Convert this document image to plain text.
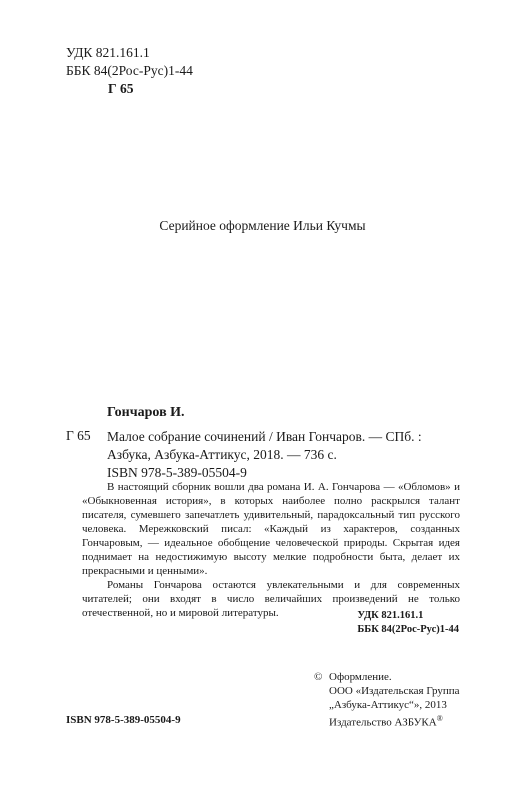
УДК 821.161.1
ББК 84(2Рос-Рус)1-44
Г 65
Серийное оформление Ильи Кучмы
Гончаров И.
Г 65 Малое собрание сочинений / Иван Гончаров. — СПб. :
Азбука, Азбука-Аттикус, 2018. — 736 с.
ISBN 978-5-389-05504-9

В настоящий сборник вошли два романа И. А. Гончарова — «Обломов» и «Обыкновенная история», в которых наиболее полно раскрылся талант писателя, сумевшего запечатлеть удивительный, парадоксальный тип русского человека. Мережковский писал: «Каждый из характеров, созданных Гончаровым, — идеальное обобщение человеческой природы. Скрытая идея поднимает на недостижимую высоту мелкие подробности быта, делает их прекрасными и ценными».

Романы Гончарова остаются увлекательными и для современных читателей; они входят в число величайших произведений не только отечественной, но и мировой литературы.	УДК 821.161.1
ББК 84(2Рос-Рус)1-44
© Оформление.
ООО «Издательская Группа
„Азбука-Аттикус“», 2013
Издательство АЗБУКА®
ISBN 978-5-389-05504-9
